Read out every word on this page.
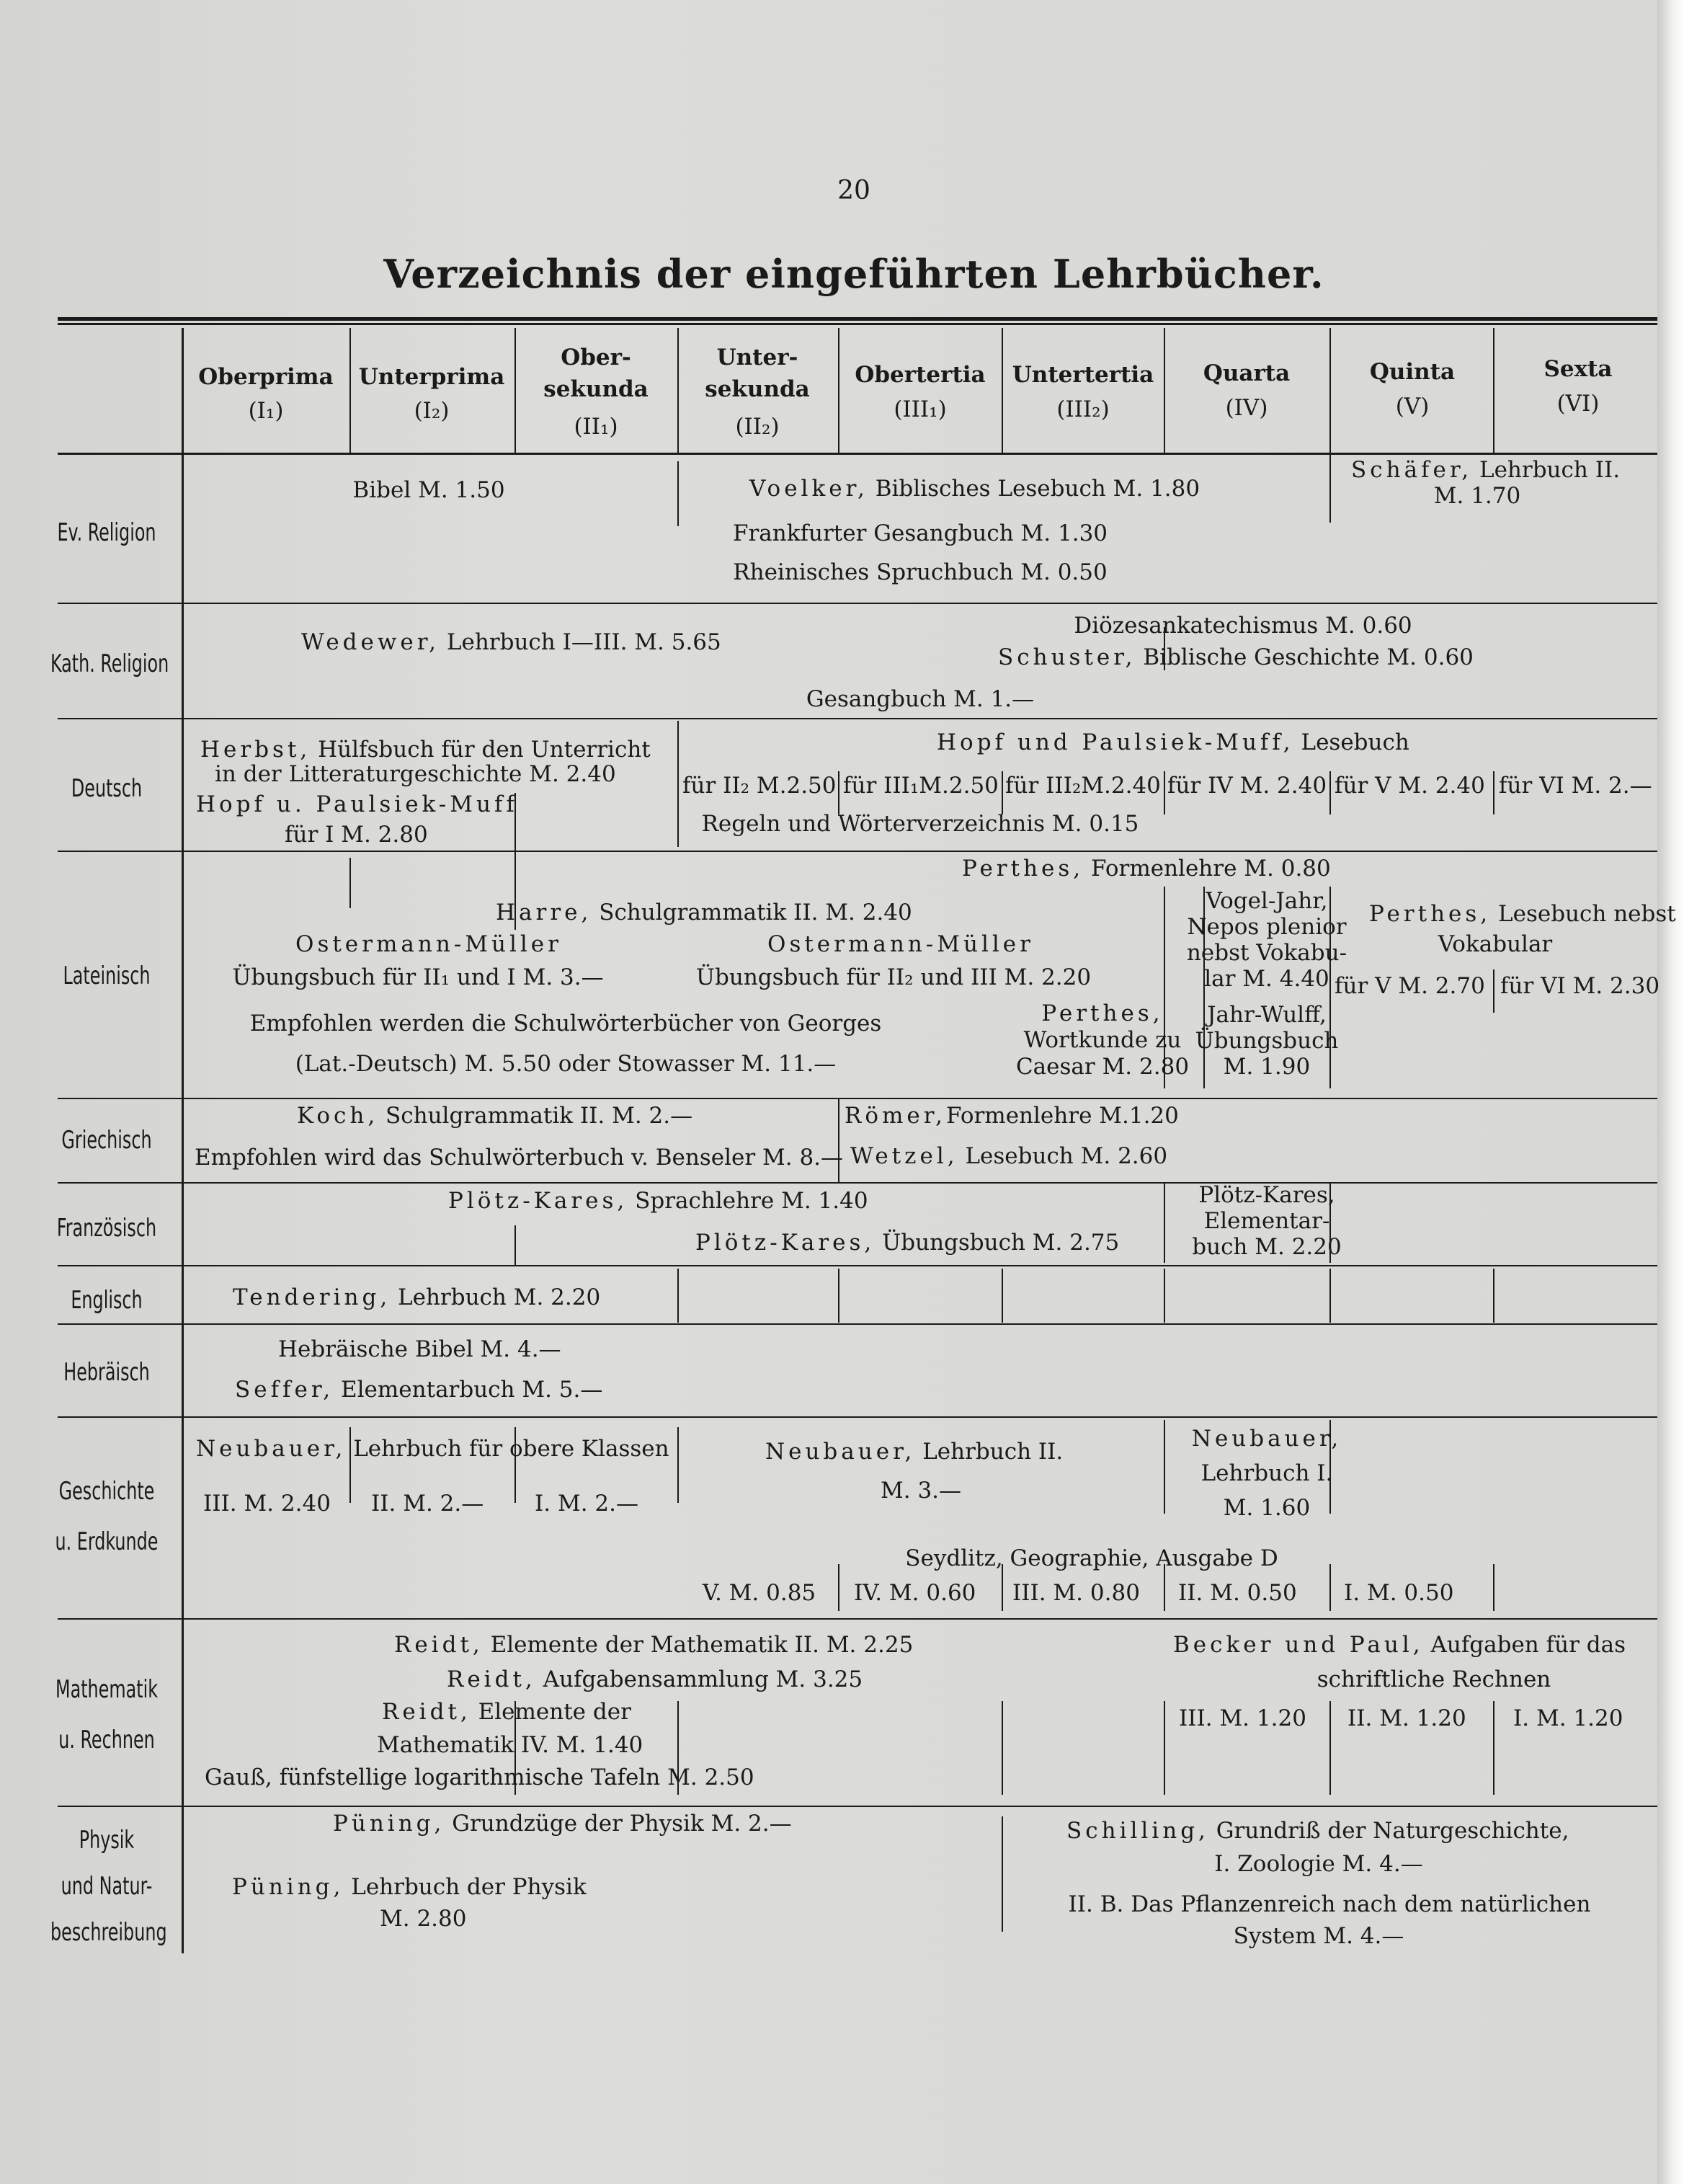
20
Verzeichnis der eingeführten Lehrbücher.
Oberprima
(I₁)
Unterprima
(I₂)
Ober-
sekunda
(II₁)
Unter-
sekunda
(II₂)
Obertertia
(III₁)
Untertertia
(III₂)
Quarta
(IV)
Quinta
(V)
Sexta
(VI)
Ev. Religion
Kath. Religion
Deutsch
Lateinisch
Griechisch
Französisch
Englisch
Hebräisch
Geschichte
u. Erdkunde
Mathematik
u. Rechnen
Physik
und Natur-
beschreibung
Bibel M. 1.50	Voelker, Biblisches Lesebuch M. 1.80
Frankfurter Gesangbuch M. 1.30
Rheinisches Spruchbuch M. 0.50
Schäfer, Lehrbuch II.
M. 1.70
Wedewer, Lehrbuch I—III. M. 5.65
Diözesankatechismus M. 0.60
Schuster, Biblische Geschichte M. 0.60
Gesangbuch M. 1.—
Herbst, Hülfsbuch für den Unterricht
in der Litteraturgeschichte M. 2.40
Hopf u. Paulsiek-Muff
für I M. 2.80
Hopf und Paulsiek-Muff, Lesebuch
für II₂ M.2.50 für III₁M.2.50 für III₂M.2.40 für IV M. 2.40 für V M. 2.40 für VI M. 2.—
Regeln und Wörterverzeichnis M. 0.15
Perthes, Formenlehre M. 0.80
Harre, Schulgrammatik II. M. 2.40
Ostermann-Müller
Übungsbuch für II₁ und I M. 3.—
Ostermann-Müller
Übungsbuch für II₂ und III M. 2.20
Empfohlen werden die Schulwörterbücher von Georges
(Lat.-Deutsch) M. 5.50 oder Stowasser M. 11.—
Perthes,
Wortkunde zu
Caesar M. 2.80
Vogel-Jahr,
Nepos plenior
nebst Vokabu-
lar M. 4.40
Jahr-Wulff,
Übungsbuch
M. 1.90
Perthes, Lesebuch nebst
Vokabular
für V M. 2.70 für VI M. 2.30
Koch, Schulgrammatik II. M. 2.—
Empfohlen wird das Schulwörterbuch v. Benseler M. 8.—
Römer,Formenlehre M.1.20
Wetzel, Lesebuch M. 2.60
Plötz-Kares, Sprachlehre M. 1.40
Plötz-Kares, Übungsbuch M. 2.75
Plötz-Kares,
Elementar-
buch M. 2.20
Tendering, Lehrbuch M. 2.20
Hebräische Bibel M. 4.—
Seffer, Elementarbuch M. 5.—
Neubauer, Lehrbuch für obere Klassen
III. M. 2.40 II. M. 2.— I. M. 2.—
Neubauer, Lehrbuch II.
M. 3.—
Neubauer,
Lehrbuch I.
M. 1.60
Seydlitz, Geographie, Ausgabe D
V. M. 0.85 IV. M. 0.60 III. M. 0.80 II. M. 0.50 I. M. 0.50
Reidt, Elemente der Mathematik II. M. 2.25
Reidt, Aufgabensammlung M. 3.25
Reidt, Elemente der
Mathematik IV. M. 1.40
Gauß, fünfstellige logarithmische Tafeln M. 2.50
Becker und Paul, Aufgaben für das
schriftliche Rechnen
III. M. 1.20 II. M. 1.20 I. M. 1.20
Püning, Grundzüge der Physik M. 2.—
Püning, Lehrbuch der Physik
M. 2.80
Schilling, Grundriß der Naturgeschichte,
I. Zoologie M. 4.—
II. B. Das Pflanzenreich nach dem natürlichen
System M. 4.—
